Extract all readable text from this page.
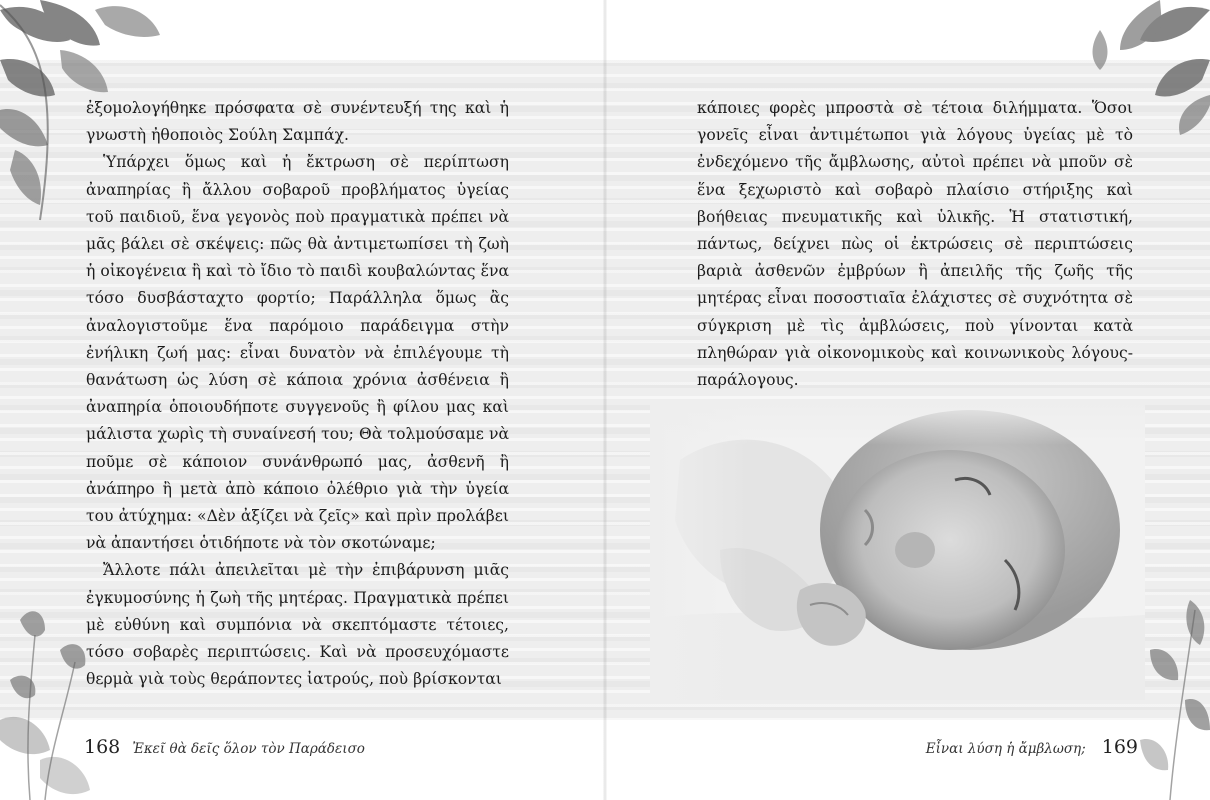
ἐξομολογήθηκε πρόσφατα σὲ συνέντευξή της καὶ ἡ γνωστὴ ἠθοποιὸς Σούλη Σαμπάχ.

Ὑπάρχει ὅμως καὶ ἡ ἔκτρωση σὲ περίπτωση ἀναπηρίας ἢ ἄλλου σοβαροῦ προβλήματος ὑγείας τοῦ παιδιοῦ, ἕνα γεγονὸς ποὺ πραγματικὰ πρέπει νὰ μᾶς βάλει σὲ σκέψεις: πῶς θὰ ἀντιμετωπίσει τὴ ζωὴ ἡ οἰκογένεια ἢ καὶ τὸ ἴδιο τὸ παιδὶ κουβαλώντας ἕνα τόσο δυσβάσταχτο φορτίο; Παράλληλα ὅμως ἂς ἀναλογιστοῦμε ἕνα παρόμοιο παράδειγμα στὴν ἐνήλικη ζωή μας: εἶναι δυνατὸν νὰ ἐπιλέγουμε τὴ θανάτωση ὡς λύση σὲ κάποια χρόνια ἀσθένεια ἢ ἀναπηρία ὁποιουδήποτε συγγενοῦς ἢ φίλου μας καὶ μάλιστα χωρὶς τὴ συναίνεσή του; Θὰ τολμούσαμε νὰ ποῦμε σὲ κάποιον συνάνθρωπό μας, ἀσθενῆ ἢ ἀνάπηρο ἢ μετὰ ἀπὸ κάποιο ὀλέθριο γιὰ τὴν ὑγεία του ἀτύχημα: «Δὲν ἀξίζει νὰ ζεῖς» καὶ πρὶν προλάβει νὰ ἀπαντήσει ὁτιδήποτε νὰ τὸν σκοτώναμε;

Ἄλλοτε πάλι ἀπειλεῖται μὲ τὴν ἐπιβάρυνση μιᾶς ἐγκυμοσύνης ἡ ζωὴ τῆς μητέρας. Πραγματικὰ πρέπει μὲ εὐθύνη καὶ συμπόνια νὰ σκεπτόμαστε τέτοιες, τόσο σοβαρὲς περιπτώσεις. Καὶ νὰ προσευχόμαστε θερμὰ γιὰ τοὺς θεράποντες ἰατρούς, ποὺ βρίσκονται

κάποιες φορὲς μπροστὰ σὲ τέτοια διλήμματα. Ὅσοι γονεῖς εἶναι ἀντιμέτωποι γιὰ λόγους ὑγείας μὲ τὸ ἐνδεχόμενο τῆς ἄμβλωσης, αὐτοὶ πρέπει νὰ μποῦν σὲ ἕνα ξεχωριστὸ καὶ σοβαρὸ πλαίσιο στήριξης καὶ βοήθειας πνευματικῆς καὶ ὑλικῆς. Ἡ στατιστική, πάντως, δείχνει πὼς οἱ ἐκτρώσεις σὲ περιπτώσεις βαριὰ ἀσθενῶν ἐμβρύων ἢ ἀπειλῆς τῆς ζωῆς τῆς μητέρας εἶναι ποσοστιαῖα ἐλάχιστες σὲ συχνότητα σὲ σύγκριση μὲ τὶς ἀμβλώσεις, ποὺ γίνονται κατὰ πληθώραν γιὰ οἰκονομικοὺς καὶ κοινωνικοὺς λόγους-παράλογους.

168 Ἐκεῖ θὰ δεῖς ὅλον τὸν Παράδεισο	Εἶναι λύση ἡ ἄμβλωση; 169
